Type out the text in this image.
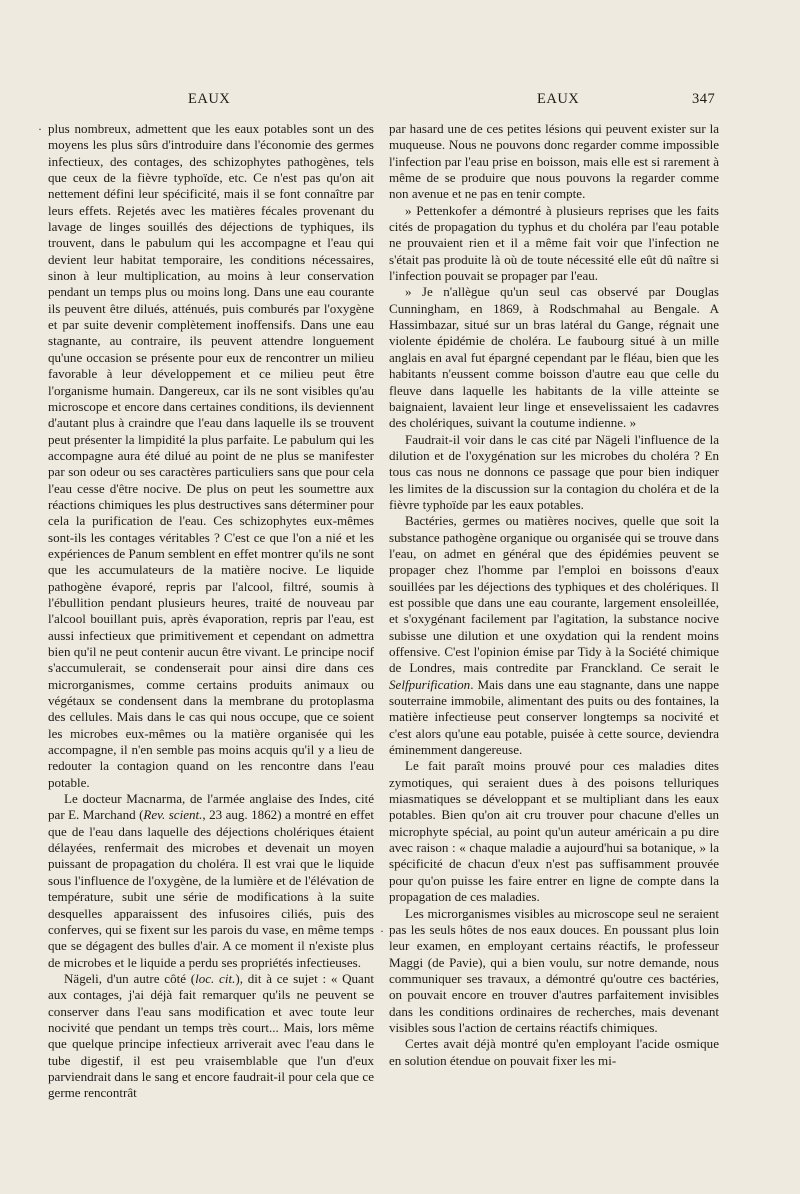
EAUX	EAUX	347
·
·

plus nombreux, admettent que les eaux potables sont un des moyens les plus sûrs d'introduire dans l'économie des germes infectieux, des contages, des schizophytes pathogènes, tels que ceux de la fièvre typhoïde, etc. Ce n'est pas qu'on ait nettement défini leur spécificité, mais il se font connaître par leurs effets. Rejetés avec les matières fécales provenant du lavage de linges souillés des déjections de typhiques, ils trouvent, dans le pabulum qui les accompagne et l'eau qui devient leur habitat temporaire, les conditions nécessaires, sinon à leur multiplication, au moins à leur conservation pendant un temps plus ou moins long. Dans une eau courante ils peuvent être dilués, atténués, puis comburés par l'oxygène et par suite devenir complètement inoffensifs. Dans une eau stagnante, au contraire, ils peuvent attendre longuement qu'une occasion se présente pour eux de rencontrer un milieu favorable à leur développement et ce milieu peut être l'organisme humain. Dangereux, car ils ne sont visibles qu'au microscope et encore dans certaines conditions, ils deviennent d'autant plus à craindre que l'eau dans laquelle ils se trouvent peut présenter la limpidité la plus parfaite. Le pabulum qui les accompagne aura été dilué au point de ne plus se manifester par son odeur ou ses caractères particuliers sans que pour cela l'eau cesse d'être nocive. De plus on peut les soumettre aux réactions chimiques les plus destructives sans déterminer pour cela la purification de l'eau. Ces schizophytes eux-mêmes sont-ils les contages véritables ? C'est ce que l'on a nié et les expériences de Panum semblent en effet montrer qu'ils ne sont que les accumulateurs de la matière nocive. Le liquide pathogène évaporé, repris par l'alcool, filtré, soumis à l'ébullition pendant plusieurs heures, traité de nouveau par l'alcool bouillant puis, après évaporation, repris par l'eau, est aussi infectieux que primitivement et cependant on admettra bien qu'il ne peut contenir aucun être vivant. Le principe nocif s'accumulerait, se condenserait pour ainsi dire dans ces microrganismes, comme certains produits animaux ou végétaux se condensent dans la membrane du protoplasma des cellules. Mais dans le cas qui nous occupe, que ce soient les microbes eux-mêmes ou la matière organisée qui les accompagne, il n'en semble pas moins acquis qu'il y a lieu de redouter la contagion quand on les rencontre dans l'eau potable.

Le docteur Macnarma, de l'armée anglaise des Indes, cité par E. Marchand (Rev. scient., 23 aug. 1862) a montré en effet que de l'eau dans laquelle des déjections cholériques étaient délayées, renfermait des microbes et devenait un moyen puissant de propagation du choléra. Il est vrai que le liquide sous l'influence de l'oxygène, de la lumière et de l'élévation de température, subit une série de modifications à la suite desquelles apparaissent des infusoires ciliés, puis des conferves, qui se fixent sur les parois du vase, en même temps que se dégagent des bulles d'air. A ce moment il n'existe plus de microbes et le liquide a perdu ses propriétés infectieuses.

Nägeli, d'un autre côté (loc. cit.), dit à ce sujet : « Quant aux contages, j'ai déjà fait remarquer qu'ils ne peuvent se conserver dans l'eau sans modification et avec toute leur nocivité que pendant un temps très court... Mais, lors même que quelque principe infectieux arriverait avec l'eau dans le tube digestif, il est peu vraisemblable que l'un d'eux parviendrait dans le sang et encore faudrait-il pour cela que ce germe rencontrât

par hasard une de ces petites lésions qui peuvent exister sur la muqueuse. Nous ne pouvons donc regarder comme impossible l'infection par l'eau prise en boisson, mais elle est si rarement à même de se produire que nous pouvons la regarder comme non avenue et ne pas en tenir compte.

» Pettenkofer a démontré à plusieurs reprises que les faits cités de propagation du typhus et du choléra par l'eau potable ne prouvaient rien et il a même fait voir que l'infection ne s'était pas produite là où de toute nécessité elle eût dû naître si l'infection pouvait se propager par l'eau.

» Je n'allègue qu'un seul cas observé par Douglas Cunningham, en 1869, à Rodschmahal au Bengale. A Hassimbazar, situé sur un bras latéral du Gange, régnait une violente épidémie de choléra. Le faubourg situé à un mille anglais en aval fut épargné cependant par le fléau, bien que les habitants n'eussent comme boisson d'autre eau que celle du fleuve dans laquelle les habitants de la ville atteinte se baignaient, lavaient leur linge et ensevelissaient les cadavres des cholériques, suivant la coutume indienne. »

Faudrait-il voir dans le cas cité par Nägeli l'influence de la dilution et de l'oxygénation sur les microbes du choléra ? En tous cas nous ne donnons ce passage que pour bien indiquer les limites de la discussion sur la contagion du choléra et de la fièvre typhoïde par les eaux potables.

Bactéries, germes ou matières nocives, quelle que soit la substance pathogène organique ou organisée qui se trouve dans l'eau, on admet en général que des épidémies peuvent se propager chez l'homme par l'emploi en boissons d'eaux souillées par les déjections des typhiques et des cholériques. Il est possible que dans une eau courante, largement ensoleillée, et s'oxygénant facilement par l'agitation, la substance nocive subisse une dilution et une oxydation qui la rendent moins offensive. C'est l'opinion émise par Tidy à la Société chimique de Londres, mais contredite par Franckland. Ce serait le Selfpurification. Mais dans une eau stagnante, dans une nappe souterraine immobile, alimentant des puits ou des fontaines, la matière infectieuse peut conserver longtemps sa nocivité et c'est alors qu'une eau potable, puisée à cette source, deviendra éminemment dangereuse.

Le fait paraît moins prouvé pour ces maladies dites zymotiques, qui seraient dues à des poisons telluriques miasmatiques se développant et se multipliant dans les eaux potables. Bien qu'on ait cru trouver pour chacune d'elles un microphyte spécial, au point qu'un auteur américain a pu dire avec raison : « chaque maladie a aujourd'hui sa botanique, » la spécificité de chacun d'eux n'est pas suffisamment prouvée pour qu'on puisse les faire entrer en ligne de compte dans la propagation de ces maladies.

Les microrganismes visibles au microscope seul ne seraient pas les seuls hôtes de nos eaux douces. En poussant plus loin leur examen, en employant certains réactifs, le professeur Maggi (de Pavie), qui a bien voulu, sur notre demande, nous communiquer ses travaux, a démontré qu'outre ces bactéries, on pouvait encore en trouver d'autres parfaitement invisibles dans les conditions ordinaires de recherches, mais devenant visibles sous l'action de certains réactifs chimiques.

Certes avait déjà montré qu'en employant l'acide osmique en solution étendue on pouvait fixer les mi-
